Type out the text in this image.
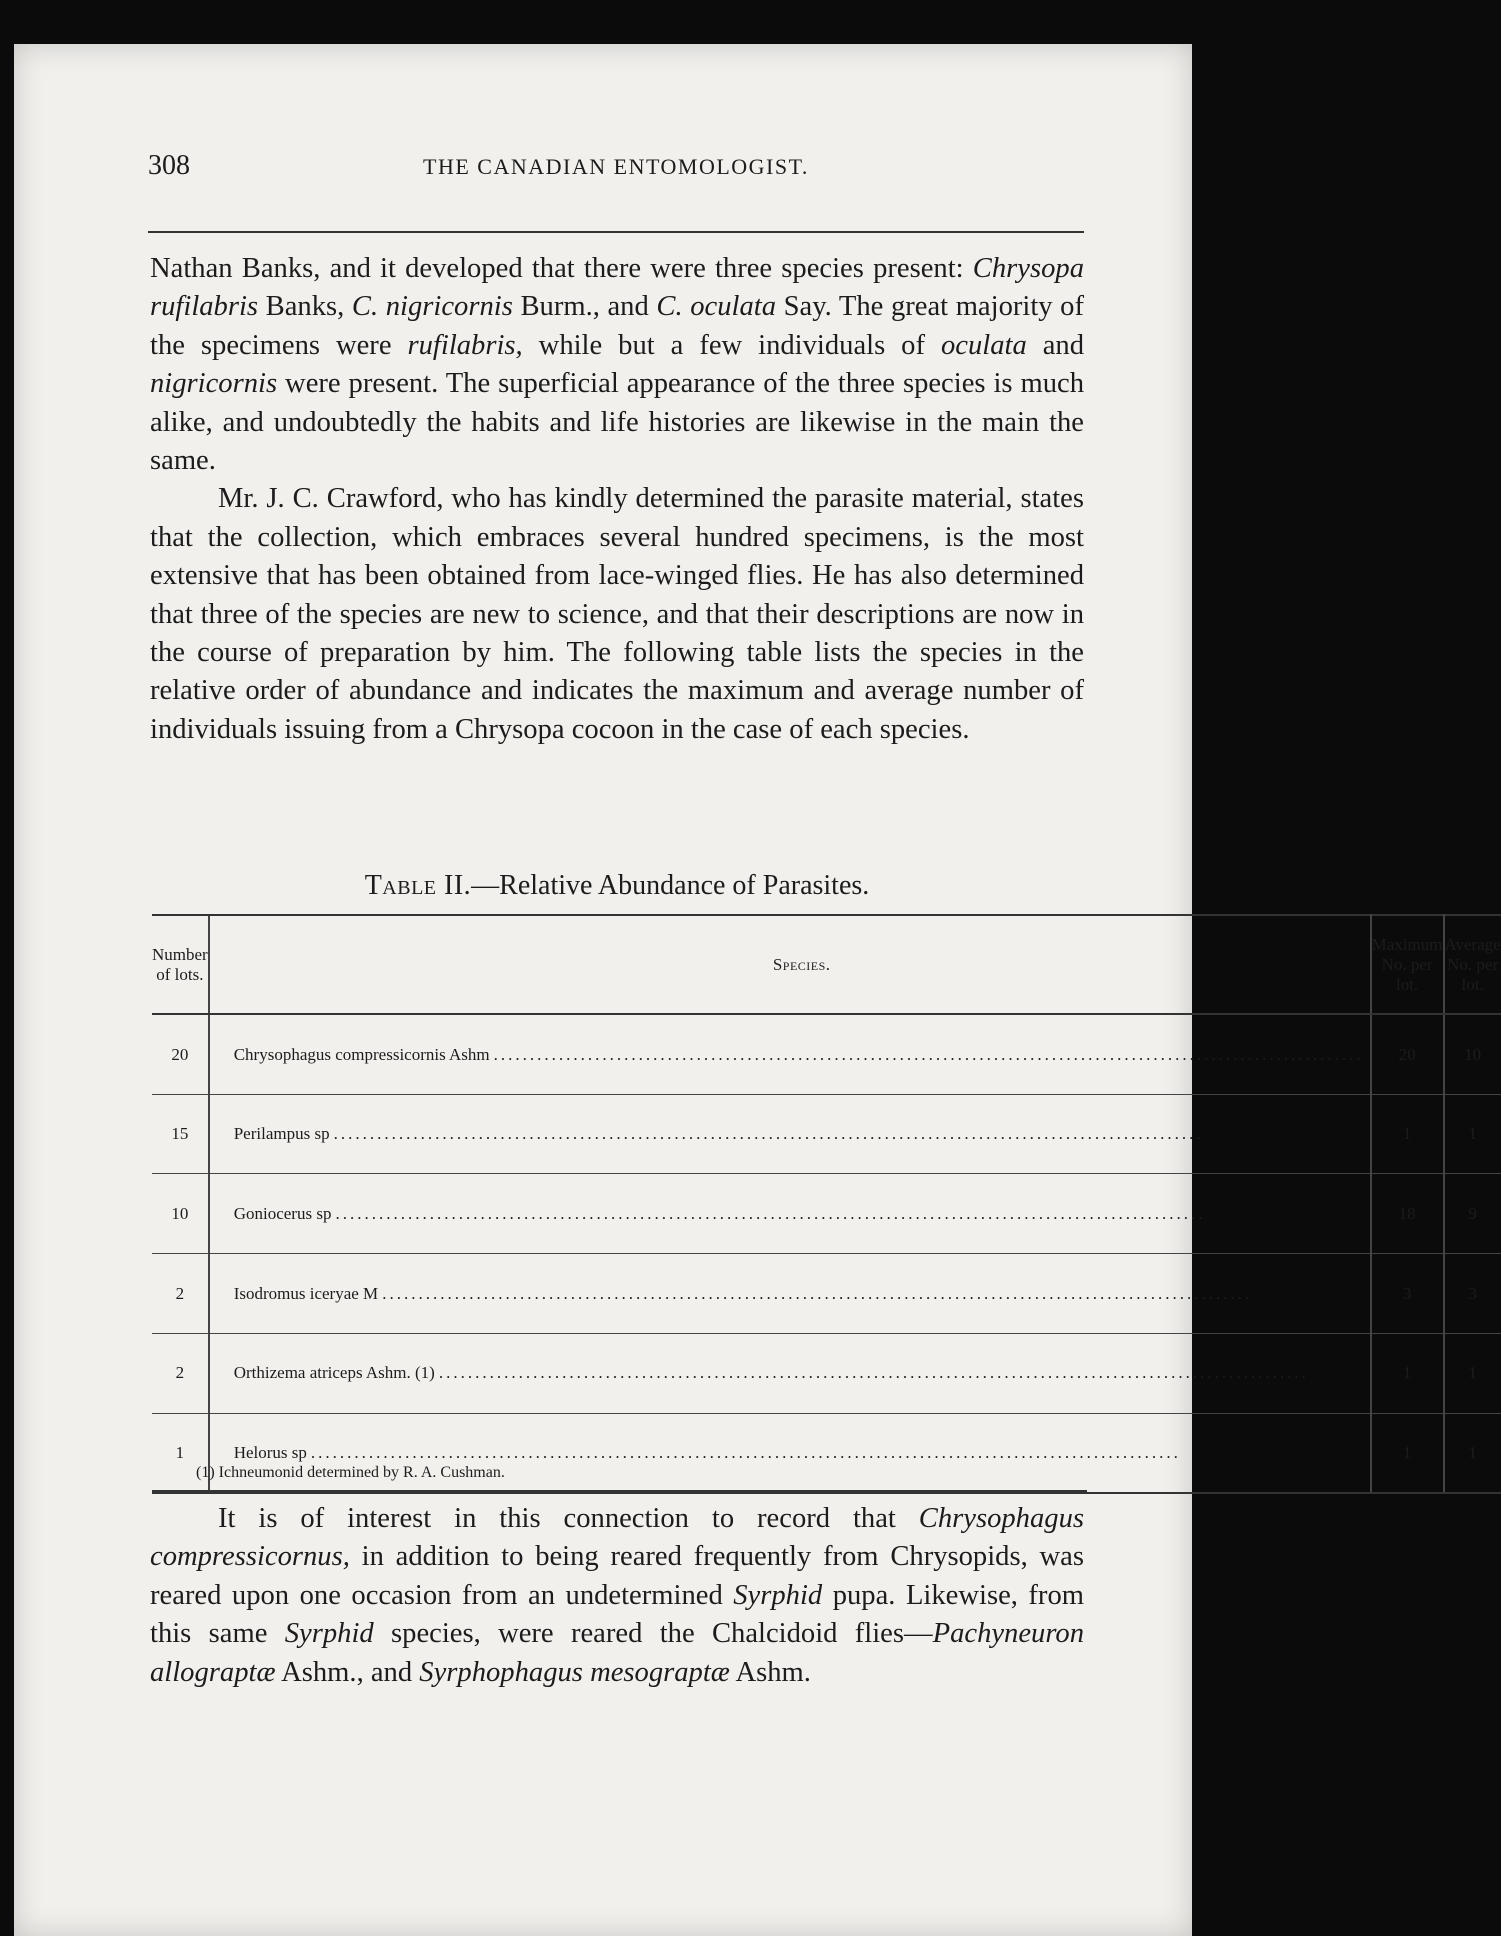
308	THE CANADIAN ENTOMOLOGIST.

Nathan Banks, and it developed that there were three species present: Chrysopa rufilabris Banks, C. nigricornis Burm., and C. oculata Say. The great majority of the specimens were rufilabris, while but a few individuals of oculata and nigricornis were present. The superficial appearance of the three species is much alike, and undoubtedly the habits and life histories are likewise in the main the same.

Mr. J. C. Crawford, who has kindly determined the parasite material, states that the collection, which embraces several hundred specimens, is the most extensive that has been obtained from lace-winged flies. He has also determined that three of the species are new to science, and that their descriptions are now in the course of preparation by him. The following table lists the species in the relative order of abundance and indicates the maximum and average number of individuals issuing from a Chrysopa cocoon in the case of each species.

Table II.—Relative Abundance of Parasites.
Number of lots.	Species.	Maximum No. per lot.	Average No. per lot.
20	Chrysophagus compressicornis Ashm ........................................................................................................................	20	10
15	Perilampus sp ........................................................................................................................	1	1
10	Goniocerus sp ........................................................................................................................	18	9
2	Isodromus iceryae M ........................................................................................................................	3	3
2	Orthizema atriceps Ashm. (1) ........................................................................................................................	1	1
1	Helorus sp ........................................................................................................................	1	1
(1) Ichneumonid determined by R. A. Cushman.

It is of interest in this connection to record that Chrysophagus compressicornus, in addition to being reared frequently from Chrysopids, was reared upon one occasion from an undetermined Syrphid pupa. Likewise, from this same Syrphid species, were reared the Chalcidoid flies—Pachyneuron allograptæ Ashm., and Syrphophagus mesograptæ Ashm.
